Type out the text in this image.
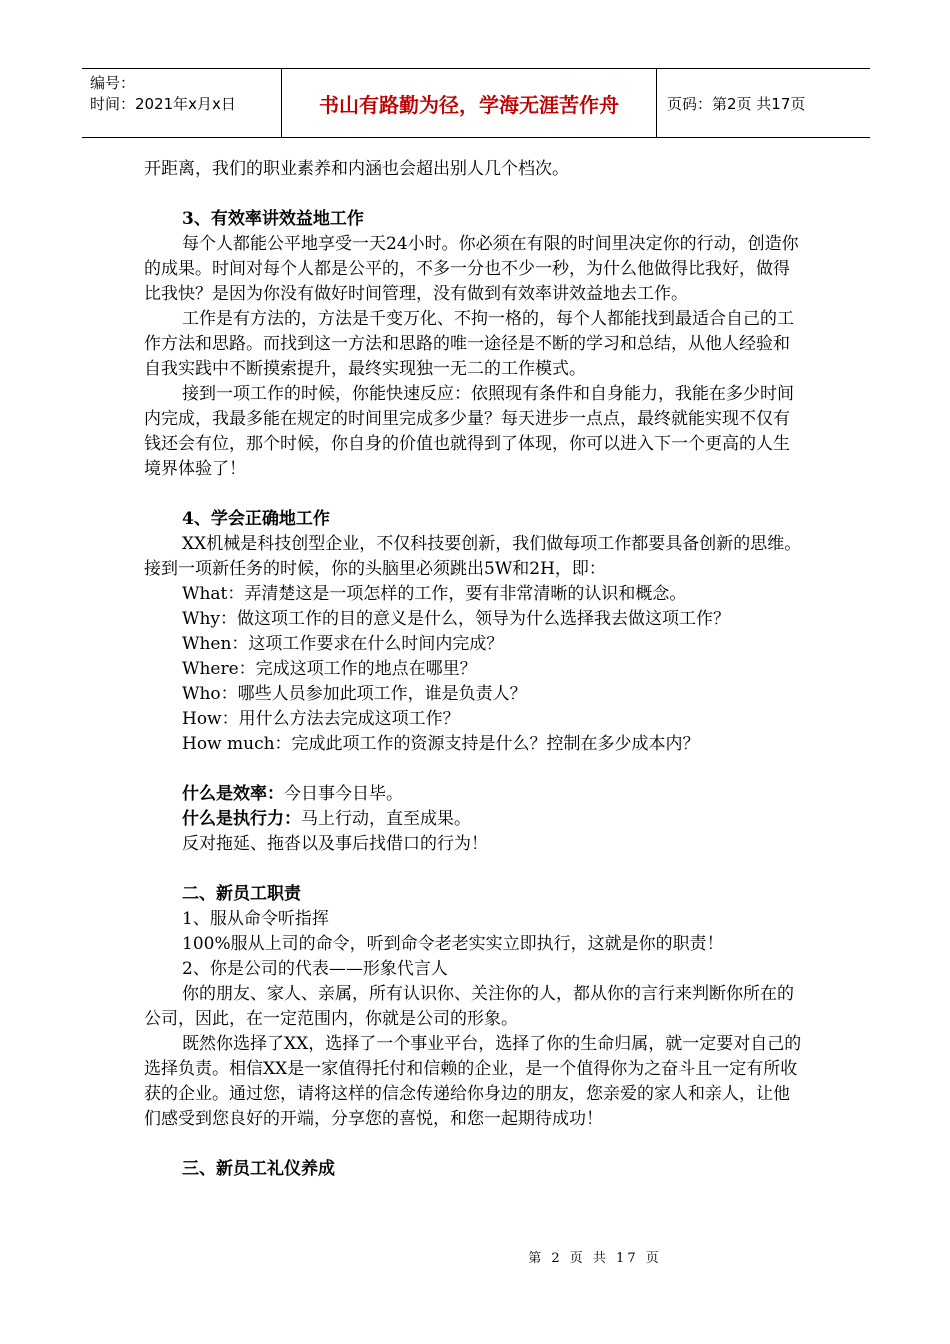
编号：
时间：2021年x月x日	书山有路勤为径，学海无涯苦作舟	页码：第2页 共17页

开距离，我们的职业素养和内涵也会超出别人几个档次。

3、有效率讲效益地工作

每个人都能公平地享受一天24小时。你必须在有限的时间里决定你的行动，创造你的成果。时间对每个人都是公平的，不多一分也不少一秒，为什么他做得比我好，做得比我快？是因为你没有做好时间管理，没有做到有效率讲效益地去工作。

工作是有方法的，方法是千变万化、不拘一格的，每个人都能找到最适合自己的工作方法和思路。而找到这一方法和思路的唯一途径是不断的学习和总结，从他人经验和自我实践中不断摸索提升，最终实现独一无二的工作模式。

接到一项工作的时候，你能快速反应：依照现有条件和自身能力，我能在多少时间内完成，我最多能在规定的时间里完成多少量？每天进步一点点，最终就能实现不仅有钱还会有位，那个时候，你自身的价值也就得到了体现，你可以进入下一个更高的人生境界体验了！

4、学会正确地工作

XX机械是科技创型企业，不仅科技要创新，我们做每项工作都要具备创新的思维。接到一项新任务的时候，你的头脑里必须跳出5W和2H，即：

What：弄清楚这是一项怎样的工作，要有非常清晰的认识和概念。

Why：做这项工作的目的意义是什么，领导为什么选择我去做这项工作？

When：这项工作要求在什么时间内完成？

Where：完成这项工作的地点在哪里？

Who：哪些人员参加此项工作，谁是负责人？

How：用什么方法去完成这项工作？

How much：完成此项工作的资源支持是什么？控制在多少成本内？

什么是效率：今日事今日毕。

什么是执行力：马上行动，直至成果。

反对拖延、拖沓以及事后找借口的行为！

二、新员工职责

1、服从命令听指挥

100%服从上司的命令，听到命令老老实实立即执行，这就是你的职责！

2、你是公司的代表——形象代言人

你的朋友、家人、亲属，所有认识你、关注你的人，都从你的言行来判断你所在的公司，因此，在一定范围内，你就是公司的形象。

既然你选择了XX，选择了一个事业平台，选择了你的生命归属，就一定要对自己的选择负责。相信XX是一家值得托付和信赖的企业，是一个值得你为之奋斗且一定有所收获的企业。通过您，请将这样的信念传递给你身边的朋友，您亲爱的家人和亲人，让他们感受到您良好的开端，分享您的喜悦，和您一起期待成功！

三、新员工礼仪养成

第 2 页 共 17 页
